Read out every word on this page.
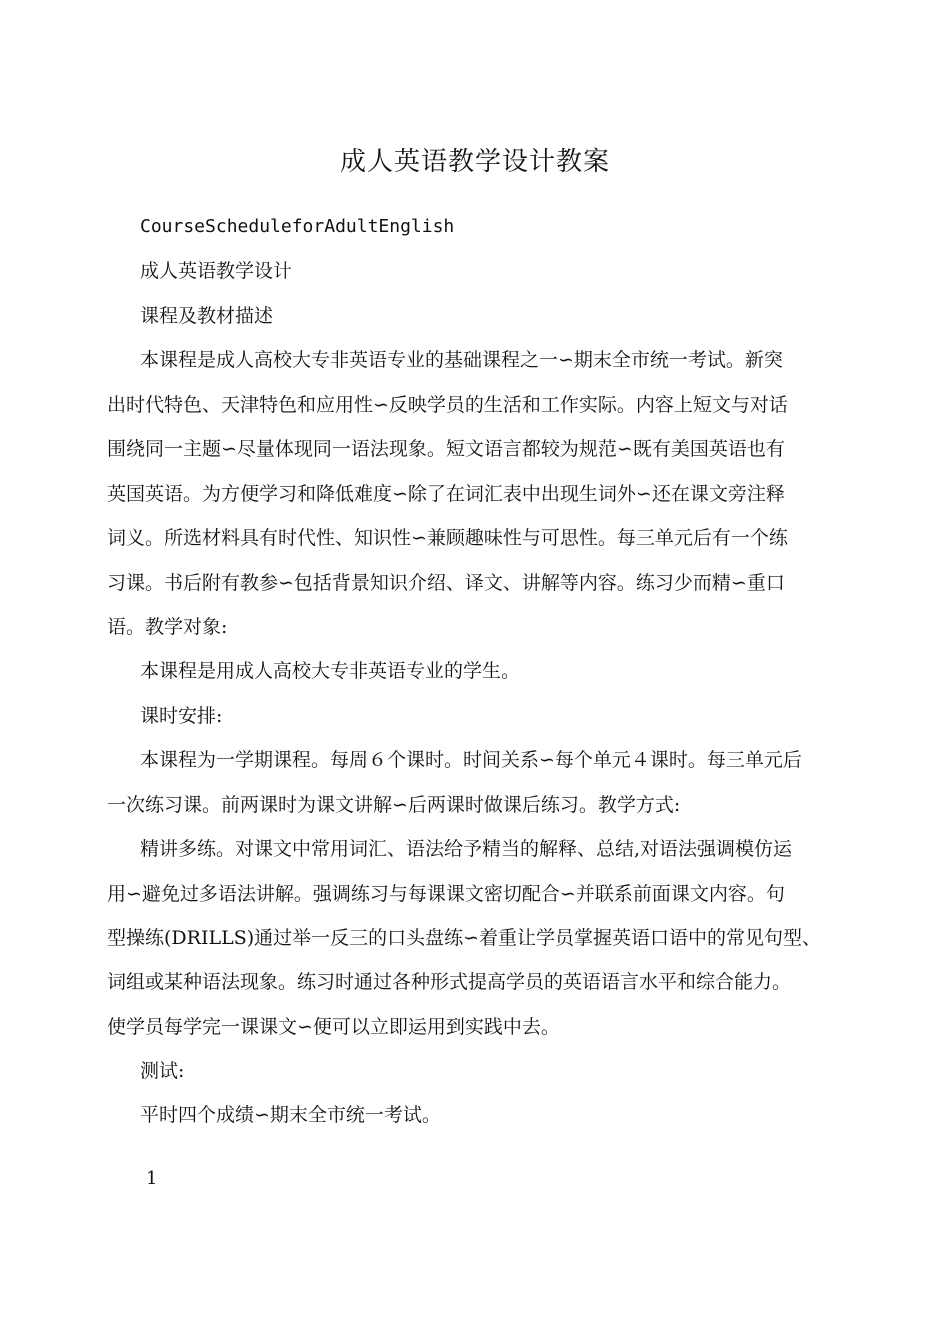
成人英语教学设计教案
CourseScheduleforAdultEnglish
成人英语教学设计
课程及教材描述
本课程是成人高校大专非英语专业的基础课程之一∽期末全市统一考试。新突
出时代特色、天津特色和应用性∽反映学员的生活和工作实际。内容上短文与对话
围绕同一主题∽尽量体现同一语法现象。短文语言都较为规范∽既有美国英语也有
英国英语。为方便学习和降低难度∽除了在词汇表中出现生词外∽还在课文旁注释
词义。所选材料具有时代性、知识性∽兼顾趣味性与可思性。每三单元后有一个练
习课。书后附有教参∽包括背景知识介绍、译文、讲解等内容。练习少而精∽重口
语。教学对象:
本课程是用成人高校大专非英语专业的学生。
课时安排:
本课程为一学期课程。每周６个课时。时间关系∽每个单元４课时。每三单元后
一次练习课。前两课时为课文讲解∽后两课时做课后练习。教学方式:
精讲多练。对课文中常用词汇、语法给予精当的解释、总结,对语法强调模仿运
用∽避免过多语法讲解。强调练习与每课课文密切配合∽并联系前面课文内容。句
型操练(DRILLS)通过举一反三的口头盘练∽着重让学员掌握英语口语中的常见句型、
词组或某种语法现象。练习时通过各种形式提高学员的英语语言水平和综合能力。
使学员每学完一课课文∽便可以立即运用到实践中去。
测试:
平时四个成绩∽期末全市统一考试。
1
